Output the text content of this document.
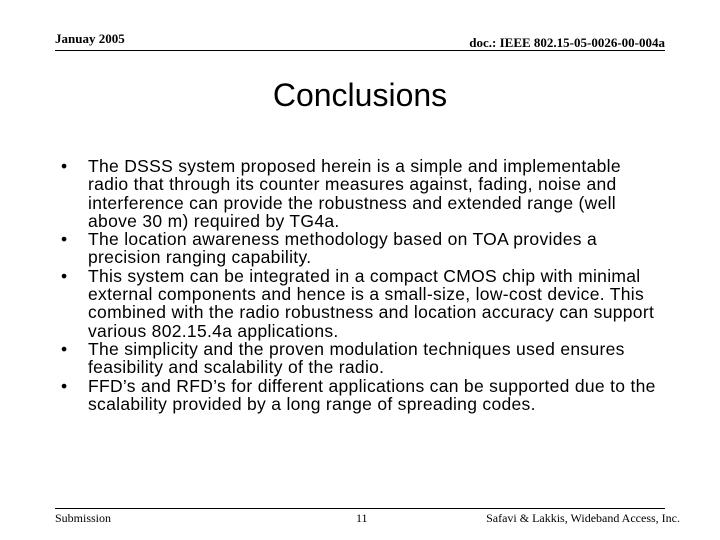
Januay 2005	doc.: IEEE 802.15-05-0026-00-004a
Conclusions
• The DSSS system proposed herein is a simple and implementable radio that through its counter measures against, fading, noise and interference can provide the robustness and extended range (well above 30 m) required by TG4a.
• The location awareness methodology based on TOA provides a precision ranging capability.
• This system can be integrated in a compact CMOS chip with minimal external components and hence is a small-size, low-cost device. This combined with the radio robustness and location accuracy can support various 802.15.4a applications.
• The simplicity and the proven modulation techniques used ensures feasibility and scalability of the radio.
• FFD’s and RFD’s for different applications can be supported due to the scalability provided by a long range of spreading codes.
Submission	11	Safavi & Lakkis, Wideband Access, Inc.
